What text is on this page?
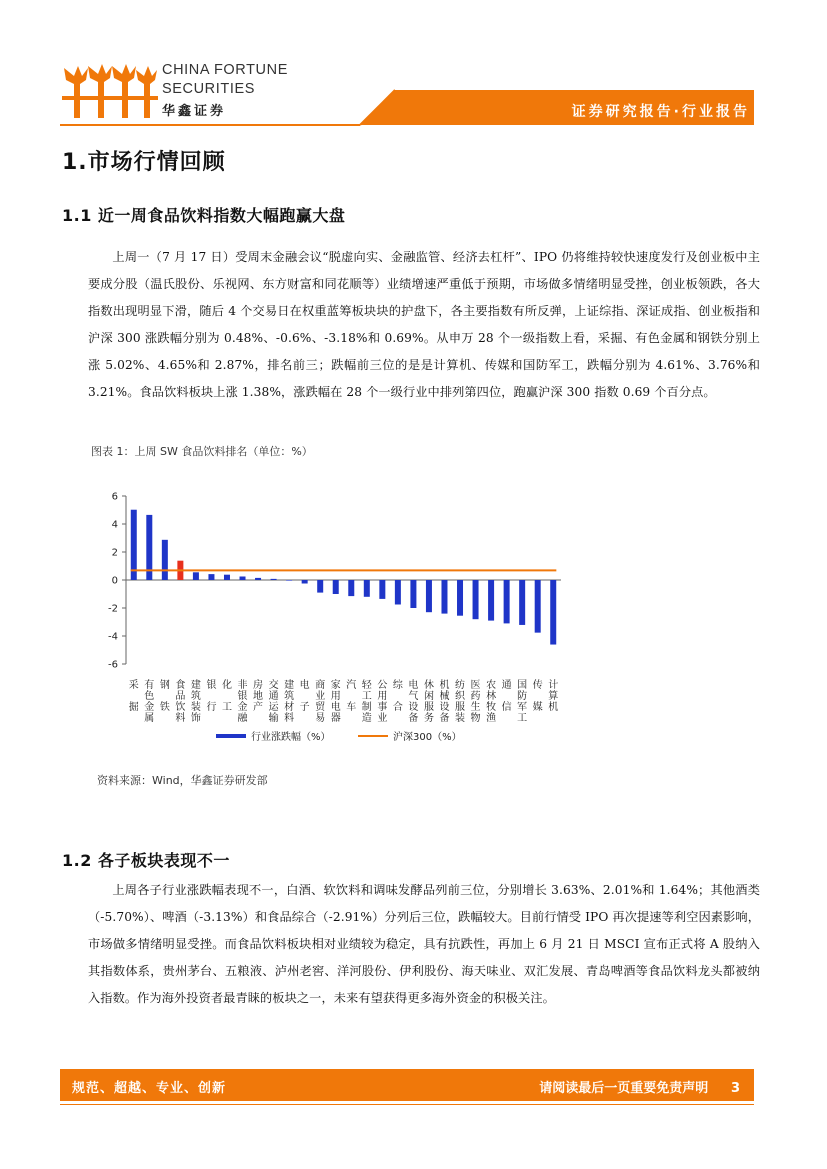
CHINA FORTUNE
SECURITIES
华鑫证券	证券研究报告·行业报告
1.市场行情回顾
1.1 近一周食品饮料指数大幅跑赢大盘
上周一（7 月 17 日）受周末金融会议“脱虚向实、金融监管、经济去杠杆”、IPO 仍将维持较快速度发行及创业板中主要成分股（温氏股份、乐视网、东方财富和同花顺等）业绩增速严重低于预期，市场做多情绪明显受挫，创业板领跌，各大指数出现明显下滑，随后 4 个交易日在权重蓝筹板块块的护盘下，各主要指数有所反弹，上证综指、深证成指、创业板指和沪深 300 涨跌幅分别为 0.48%、-0.6%、-3.18%和 0.69%。从申万 28 个一级指数上看，采掘、有色金属和钢铁分别上涨 5.02%、4.65%和 2.87%，排名前三；跌幅前三位的是是计算机、传媒和国防军工，跌幅分别为 4.61%、3.76%和 3.21%。食品饮料板块上涨 1.38%，涨跌幅在 28 个一级行业中排列第四位，跑赢沪深 300 指数 0.69 个百分点。
图表 1：上周 SW 食品饮料排名（单位：%）
6
4
2
0
-2
-4
-6
采掘
有色金属
钢铁
食品饮料
建筑装饰
银行
化工
非银金融
房地产
交通运输
建筑材料
电子
商业贸易
家用电器
汽车
轻工制造
公用事业
综合
电气设备
休闲服务
机械设备
纺织服装
医药生物
农林牧渔
通信
国防军工
传媒
计算机
行业涨跌幅（%）	沪深300（%）
资料来源：Wind，华鑫证券研发部
1.2 各子板块表现不一
上周各子行业涨跌幅表现不一，白酒、软饮料和调味发酵品列前三位，分别增长 3.63%、2.01%和 1.64%；其他酒类（-5.70%）、啤酒（-3.13%）和食品综合（-2.91%）分列后三位，跌幅较大。目前行情受 IPO 再次提速等利空因素影响，市场做多情绪明显受挫。而食品饮料板块相对业绩较为稳定，具有抗跌性，再加上 6 月 21 日 MSCI 宣布正式将 A 股纳入其指数体系，贵州茅台、五粮液、泸州老窖、洋河股份、伊利股份、海天味业、双汇发展、青岛啤酒等食品饮料龙头都被纳入指数。作为海外投资者最青睐的板块之一，未来有望获得更多海外资金的积极关注。
规范、超越、专业、创新	请阅读最后一页重要免责声明 3
